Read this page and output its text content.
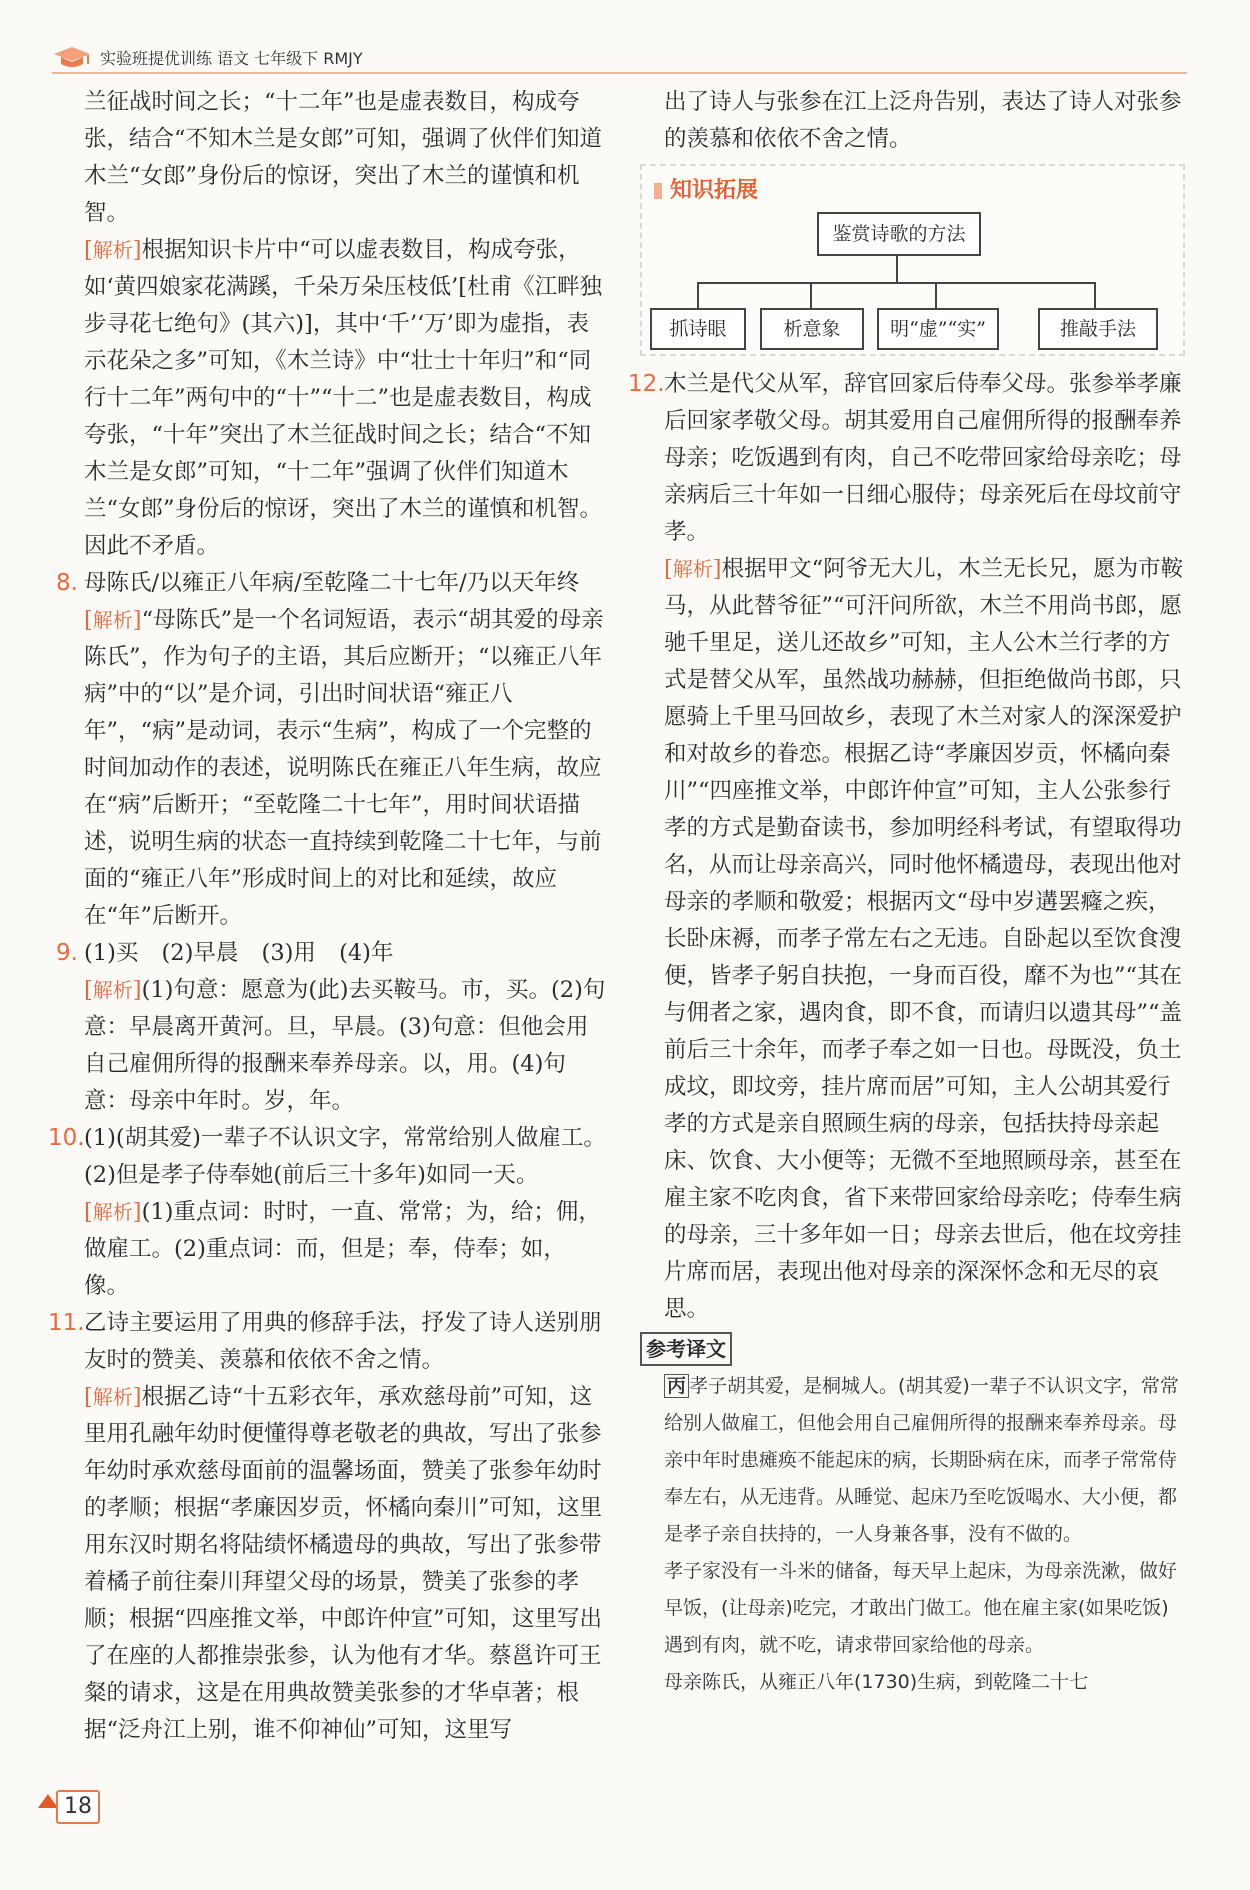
实验班提优训练 语文 七年级下 RMJY

兰征战时间之长；“十二年”也是虚表数目，构成夸张，结合“不知木兰是女郎”可知，强调了伙伴们知道木兰“女郎”身份后的惊讶，突出了木兰的谨慎和机智。

[解析]根据知识卡片中“可以虚表数目，构成夸张，如‘黄四娘家花满蹊，千朵万朵压枝低’[杜甫《江畔独步寻花七绝句》(其六)]，其中‘千’‘万’即为虚指，表示花朵之多”可知，《木兰诗》中“壮士十年归”和“同行十二年”两句中的“十”“十二”也是虚表数目，构成夸张，“十年”突出了木兰征战时间之长；结合“不知木兰是女郎”可知，“十二年”强调了伙伴们知道木兰“女郎”身份后的惊讶，突出了木兰的谨慎和机智。因此不矛盾。

8. 母陈氏/以雍正八年病/至乾隆二十七年/乃以天年终

[解析]“母陈氏”是一个名词短语，表示“胡其爱的母亲陈氏”，作为句子的主语，其后应断开；“以雍正八年病”中的“以”是介词，引出时间状语“雍正八年”，“病”是动词，表示“生病”，构成了一个完整的时间加动作的表述，说明陈氏在雍正八年生病，故应在“病”后断开；“至乾隆二十七年”，用时间状语描述，说明生病的状态一直持续到乾隆二十七年，与前面的“雍正八年”形成时间上的对比和延续，故应在“年”后断开。

9. (1)买 (2)早晨 (3)用 (4)年

[解析](1)句意：愿意为(此)去买鞍马。市，买。(2)句意：早晨离开黄河。旦，早晨。(3)句意：但他会用自己雇佣所得的报酬来奉养母亲。以，用。(4)句意：母亲中年时。岁，年。

10. (1)(胡其爱)一辈子不认识文字，常常给别人做雇工。

(2)但是孝子侍奉她(前后三十多年)如同一天。

[解析](1)重点词：时时，一直、常常；为，给；佣，做雇工。(2)重点词：而，但是；奉，侍奉；如，像。

11. 乙诗主要运用了用典的修辞手法，抒发了诗人送别朋友时的赞美、羡慕和依依不舍之情。

[解析]根据乙诗“十五彩衣年，承欢慈母前”可知，这里用孔融年幼时便懂得尊老敬老的典故，写出了张参年幼时承欢慈母面前的温馨场面，赞美了张参年幼时的孝顺；根据“孝廉因岁贡，怀橘向秦川”可知，这里用东汉时期名将陆绩怀橘遗母的典故，写出了张参带着橘子前往秦川拜望父母的场景，赞美了张参的孝顺；根据“四座推文举，中郎许仲宣”可知，这里写出了在座的人都推崇张参，认为他有才华。蔡邕许可王粲的请求，这是在用典故赞美张参的才华卓著；根据“泛舟江上别，谁不仰神仙”可知，这里写

出了诗人与张参在江上泛舟告别，表达了诗人对张参的羡慕和依依不舍之情。

知识拓展
鉴赏诗歌的方法
抓诗眼	析意象	明“虚”“实”	推敲手法
12. 木兰是代父从军，辞官回家后侍奉父母。张参举孝廉后回家孝敬父母。胡其爱用自己雇佣所得的报酬奉养母亲；吃饭遇到有肉，自己不吃带回家给母亲吃；母亲病后三十年如一日细心服侍；母亲死后在母坟前守孝。

[解析]根据甲文“阿爷无大儿，木兰无长兄，愿为市鞍马，从此替爷征”“可汗问所欲，木兰不用尚书郎，愿驰千里足，送儿还故乡”可知，主人公木兰行孝的方式是替父从军，虽然战功赫赫，但拒绝做尚书郎，只愿骑上千里马回故乡，表现了木兰对家人的深深爱护和对故乡的眷恋。根据乙诗“孝廉因岁贡，怀橘向秦川”“四座推文举，中郎许仲宣”可知，主人公张参行孝的方式是勤奋读书，参加明经科考试，有望取得功名，从而让母亲高兴，同时他怀橘遗母，表现出他对母亲的孝顺和敬爱；根据丙文“母中岁遘罢癃之疾，长卧床褥，而孝子常左右之无违。自卧起以至饮食溲便，皆孝子躬自扶抱，一身而百役，靡不为也”“其在与佣者之家，遇肉食，即不食，而请归以遗其母”“盖前后三十余年，而孝子奉之如一日也。母既没，负土成坟，即坟旁，挂片席而居”可知，主人公胡其爱行孝的方式是亲自照顾生病的母亲，包括扶持母亲起床、饮食、大小便等；无微不至地照顾母亲，甚至在雇主家不吃肉食，省下来带回家给母亲吃；侍奉生病的母亲，三十多年如一日；母亲去世后，他在坟旁挂片席而居，表现出他对母亲的深深怀念和无尽的哀思。

参考译文

丙 孝子胡其爱，是桐城人。(胡其爱)一辈子不认识文字，常常给别人做雇工，但他会用自己雇佣所得的报酬来奉养母亲。母亲中年时患瘫痪不能起床的病，长期卧病在床，而孝子常常侍奉左右，从无违背。从睡觉、起床乃至吃饭喝水、大小便，都是孝子亲自扶持的，一人身兼各事，没有不做的。

孝子家没有一斗米的储备，每天早上起床，为母亲洗漱，做好早饭，(让母亲)吃完，才敢出门做工。他在雇主家(如果吃饭)遇到有肉，就不吃，请求带回家给他的母亲。

母亲陈氏，从雍正八年(1730)生病，到乾隆二十七

18
